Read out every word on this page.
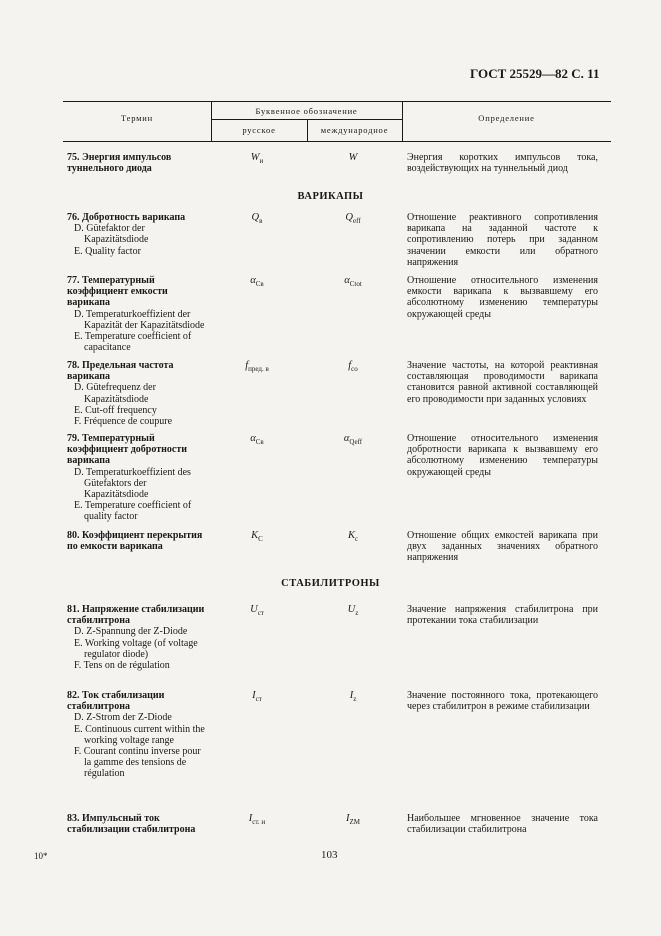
ГОСТ 25529—82 С. 11
Термин
Буквенное обозначение
русское	международное
Определение
ВАРИКАПЫ
СТАБИЛИТРОНЫ
75. Энергия импульсов туннельного диода
$W_и$	W	Энергия коротких импульсов тока, воздействующих на туннельный диод
76. Добротность варикапа
D. Gütefaktor der Kapazitätsdiode
E. Quality factor
$Q_в$	$Q_{eff}$	Отношение реактивного сопротивления варикапа на заданной частоте к сопротивлению потерь при заданном значении емкости или обратного напряжения
77. Температурный коэффициент емкости варикапа
D. Temperaturkoeffizient der Kapazität der Kapazitätsdiode
E. Temperature coefficient of capacitance
$\alpha_{Cв}$	$\alpha_{Ctot}$	Отношение относительного изменения емкости варикапа к вызвавшему его абсолютному изменению температуры окружающей среды
78. Предельная частота варикапа
D. Gütefrequenz der Kapazitätsdiode
E. Cut-off frequency
F. Fréquence de coupure
$f_{пред. в}$	$f_{co}$	Значение частоты, на которой реактивная составляющая проводимости варикапа становится равной активной составляющей его проводимости при заданных условиях
79. Температурный коэффициент добротности варикапа
D. Temperaturkoeffizient des Gütefaktors der Kapazitätsdiode
E. Temperature coefficient of quality factor
$\alpha_{Cв}$	$\alpha_{Qeff}$	Отношение относительного изменения добротности варикапа к вызвавшему его абсолютному изменению температуры окружающей среды
80. Коэффициент перекрытия по емкости варикапа
$K_C$	$K_c$	Отношение общих емкостей варикапа при двух заданных значениях обратного напряжения
81. Напряжение стабилизации стабилитрона
D. Z-Spannung der Z-Diode
E. Working voltage (of voltage regulator diode)
F. Tens on de régulation
$U_{ст}$	$U_z$	Значение напряжения стабилитрона при протекании тока стабилизации
82. Ток стабилизации стабилитрона
D. Z-Strom der Z-Diode
E. Continuous current within the working voltage range
F. Courant continu inverse pour la gamme des tensions de régulation
$I_{ст}$	$I_z$	Значение постоянного тока, протекающего через стабилитрон в режиме стабилизации
83. Импульсный ток стабилизации стабилитрона
$I_{ст. и}$	$I_{ZM}$	Наибольшее мгновенное значение тока стабилизации стабилитрона
10*	103
